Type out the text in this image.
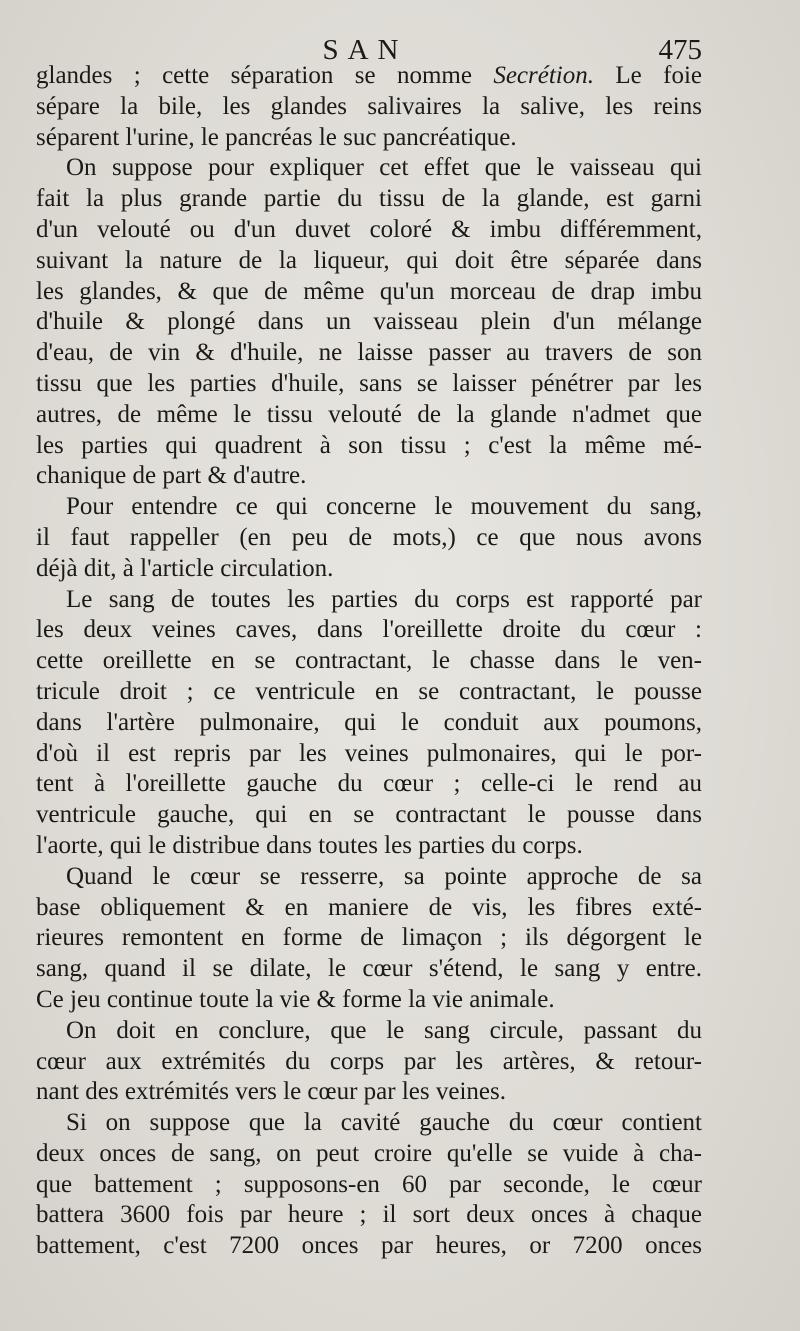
SAN	475
glandes ; cette séparation se nomme Secrétion. Le foie
sépare la bile, les glandes salivaires la salive, les reins
séparent l'urine, le pancréas le suc pancréatique.
On suppose pour expliquer cet effet que le vaisseau qui
fait la plus grande partie du tissu de la glande, est garni
d'un velouté ou d'un duvet coloré & imbu différemment,
suivant la nature de la liqueur, qui doit être séparée dans
les glandes, & que de même qu'un morceau de drap imbu
d'huile & plongé dans un vaisseau plein d'un mélange
d'eau, de vin & d'huile, ne laisse passer au travers de son
tissu que les parties d'huile, sans se laisser pénétrer par les
autres, de même le tissu velouté de la glande n'admet que
les parties qui quadrent à son tissu ; c'est la même mé-
chanique de part & d'autre.
Pour entendre ce qui concerne le mouvement du sang,
il faut rappeller (en peu de mots,) ce que nous avons
déjà dit, à l'article circulation.
Le sang de toutes les parties du corps est rapporté par
les deux veines caves, dans l'oreillette droite du cœur :
cette oreillette en se contractant, le chasse dans le ven-
tricule droit ; ce ventricule en se contractant, le pousse
dans l'artère pulmonaire, qui le conduit aux poumons,
d'où il est repris par les veines pulmonaires, qui le por-
tent à l'oreillette gauche du cœur ; celle-ci le rend au
ventricule gauche, qui en se contractant le pousse dans
l'aorte, qui le distribue dans toutes les parties du corps.
Quand le cœur se resserre, sa pointe approche de sa
base obliquement & en maniere de vis, les fibres exté-
rieures remontent en forme de limaçon ; ils dégorgent le
sang, quand il se dilate, le cœur s'étend, le sang y entre.
Ce jeu continue toute la vie & forme la vie animale.
On doit en conclure, que le sang circule, passant du
cœur aux extrémités du corps par les artères, & retour-
nant des extrémités vers le cœur par les veines.
Si on suppose que la cavité gauche du cœur contient
deux onces de sang, on peut croire qu'elle se vuide à cha-
que battement ; supposons-en 60 par seconde, le cœur
battera 3600 fois par heure ; il sort deux onces à chaque
battement, c'est 7200 onces par heures, or 7200 onces
